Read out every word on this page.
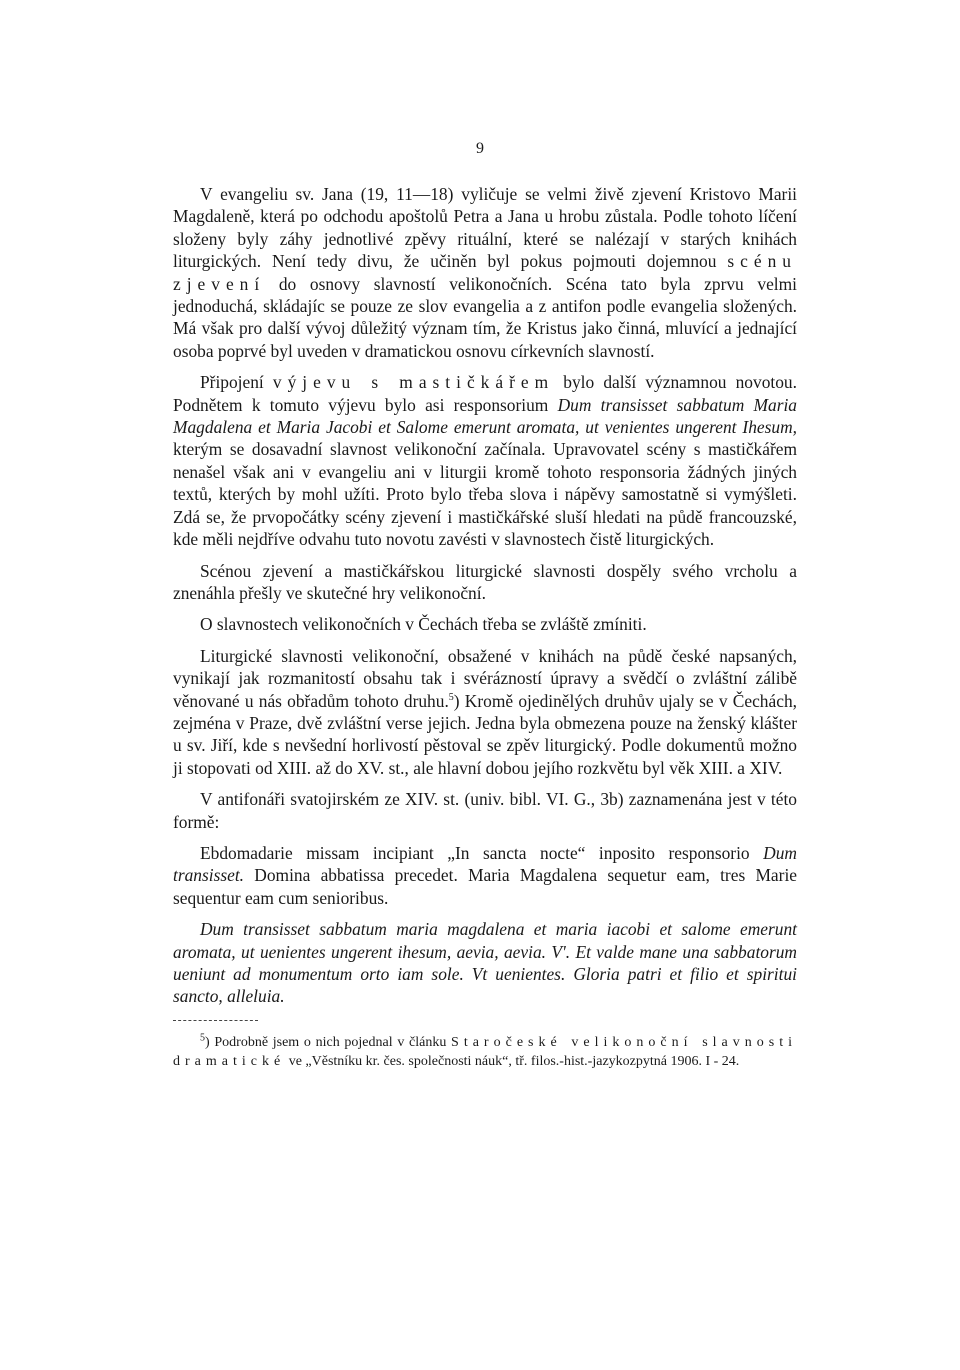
9

V evangeliu sv. Jana (19, 11—18) vyličuje se velmi živě zjevení Kristovo Marii Magdaleně, která po odchodu apoštolů Petra a Jana u hrobu zůstala. Podle tohoto líčení složeny byly záhy jednotlivé zpěvy rituální, které se nalézají v starých knihách liturgických. Není tedy divu, že učiněn byl pokus pojmouti dojemnou scénu zjevení do osnovy slavností velikonočních. Scéna tato byla zprvu velmi jednoduchá, skládajíc se pouze ze slov evangelia a z antifon podle evangelia složených. Má však pro další vývoj důležitý význam tím, že Kristus jako činná, mluvící a jednající osoba poprvé byl uveden v dramatickou osnovu církevních slavností.

Připojení výjevu s mastičkářem bylo další významnou novotou. Podnětem k tomuto výjevu bylo asi responsorium Dum transisset sabbatum Maria Magdalena et Maria Jacobi et Salome emerunt aromata, ut venientes ungerent Ihesum, kterým se dosavadní slavnost velikonoční začínala. Upravovatel scény s mastičkářem nenašel však ani v evangeliu ani v liturgii kromě tohoto responsoria žádných jiných textů, kterých by mohl užíti. Proto bylo třeba slova i nápěvy samostatně si vymýšleti. Zdá se, že prvopočátky scény zjevení i mastičkářské sluší hledati na půdě francouzské, kde měli nejdříve odvahu tuto novotu zavésti v slavnostech čistě liturgických.

Scénou zjevení a mastičkářskou liturgické slavnosti dospěly svého vrcholu a znenáhla přešly ve skutečné hry velikonoční.

O slavnostech velikonočních v Čechách třeba se zvláště zmíniti.

Liturgické slavnosti velikonoční, obsažené v knihách na půdě české napsaných, vynikají jak rozmanitostí obsahu tak i svérázností úpravy a svědčí o zvláštní zálibě věnované u nás obřadům tohoto druhu.$^5$) Kromě ojedinělých druhův ujaly se v Čechách, zejména v Praze, dvě zvláštní verse jejich. Jedna byla obmezena pouze na ženský klášter u sv. Jiří, kde s nevšední horlivostí pěstoval se zpěv liturgický. Podle dokumentů možno ji stopovati od XIII. až do XV. st., ale hlavní dobou jejího rozkvětu byl věk XIII. a XIV.

V antifonáři svatojirském ze XIV. st. (univ. bibl. VI. G., 3b) zaznamenána jest v této formě:

Ebdomadarie missam incipiant „In sancta nocte“ inposito responsorio Dum transisset. Domina abbatissa precedet. Maria Magdalena sequetur eam, tres Marie sequentur eam cum senioribus.

Dum transisset sabbatum maria magdalena et maria iacobi et salome emerunt aromata, ut uenientes ungerent ihesum, aevia, aevia. V'. Et valde mane una sabbatorum ueniunt ad monumentum orto iam sole. Vt uenientes. Gloria patri et filio et spiritui sancto, alleluia.

$^5$) Podrobně jsem o nich pojednal v článku Staročeské velikonoční slavnosti dramatické ve „Věstníku kr. čes. společnosti náuk“, tř. filos.-hist.-jazykozpytná 1906. I - 24.
